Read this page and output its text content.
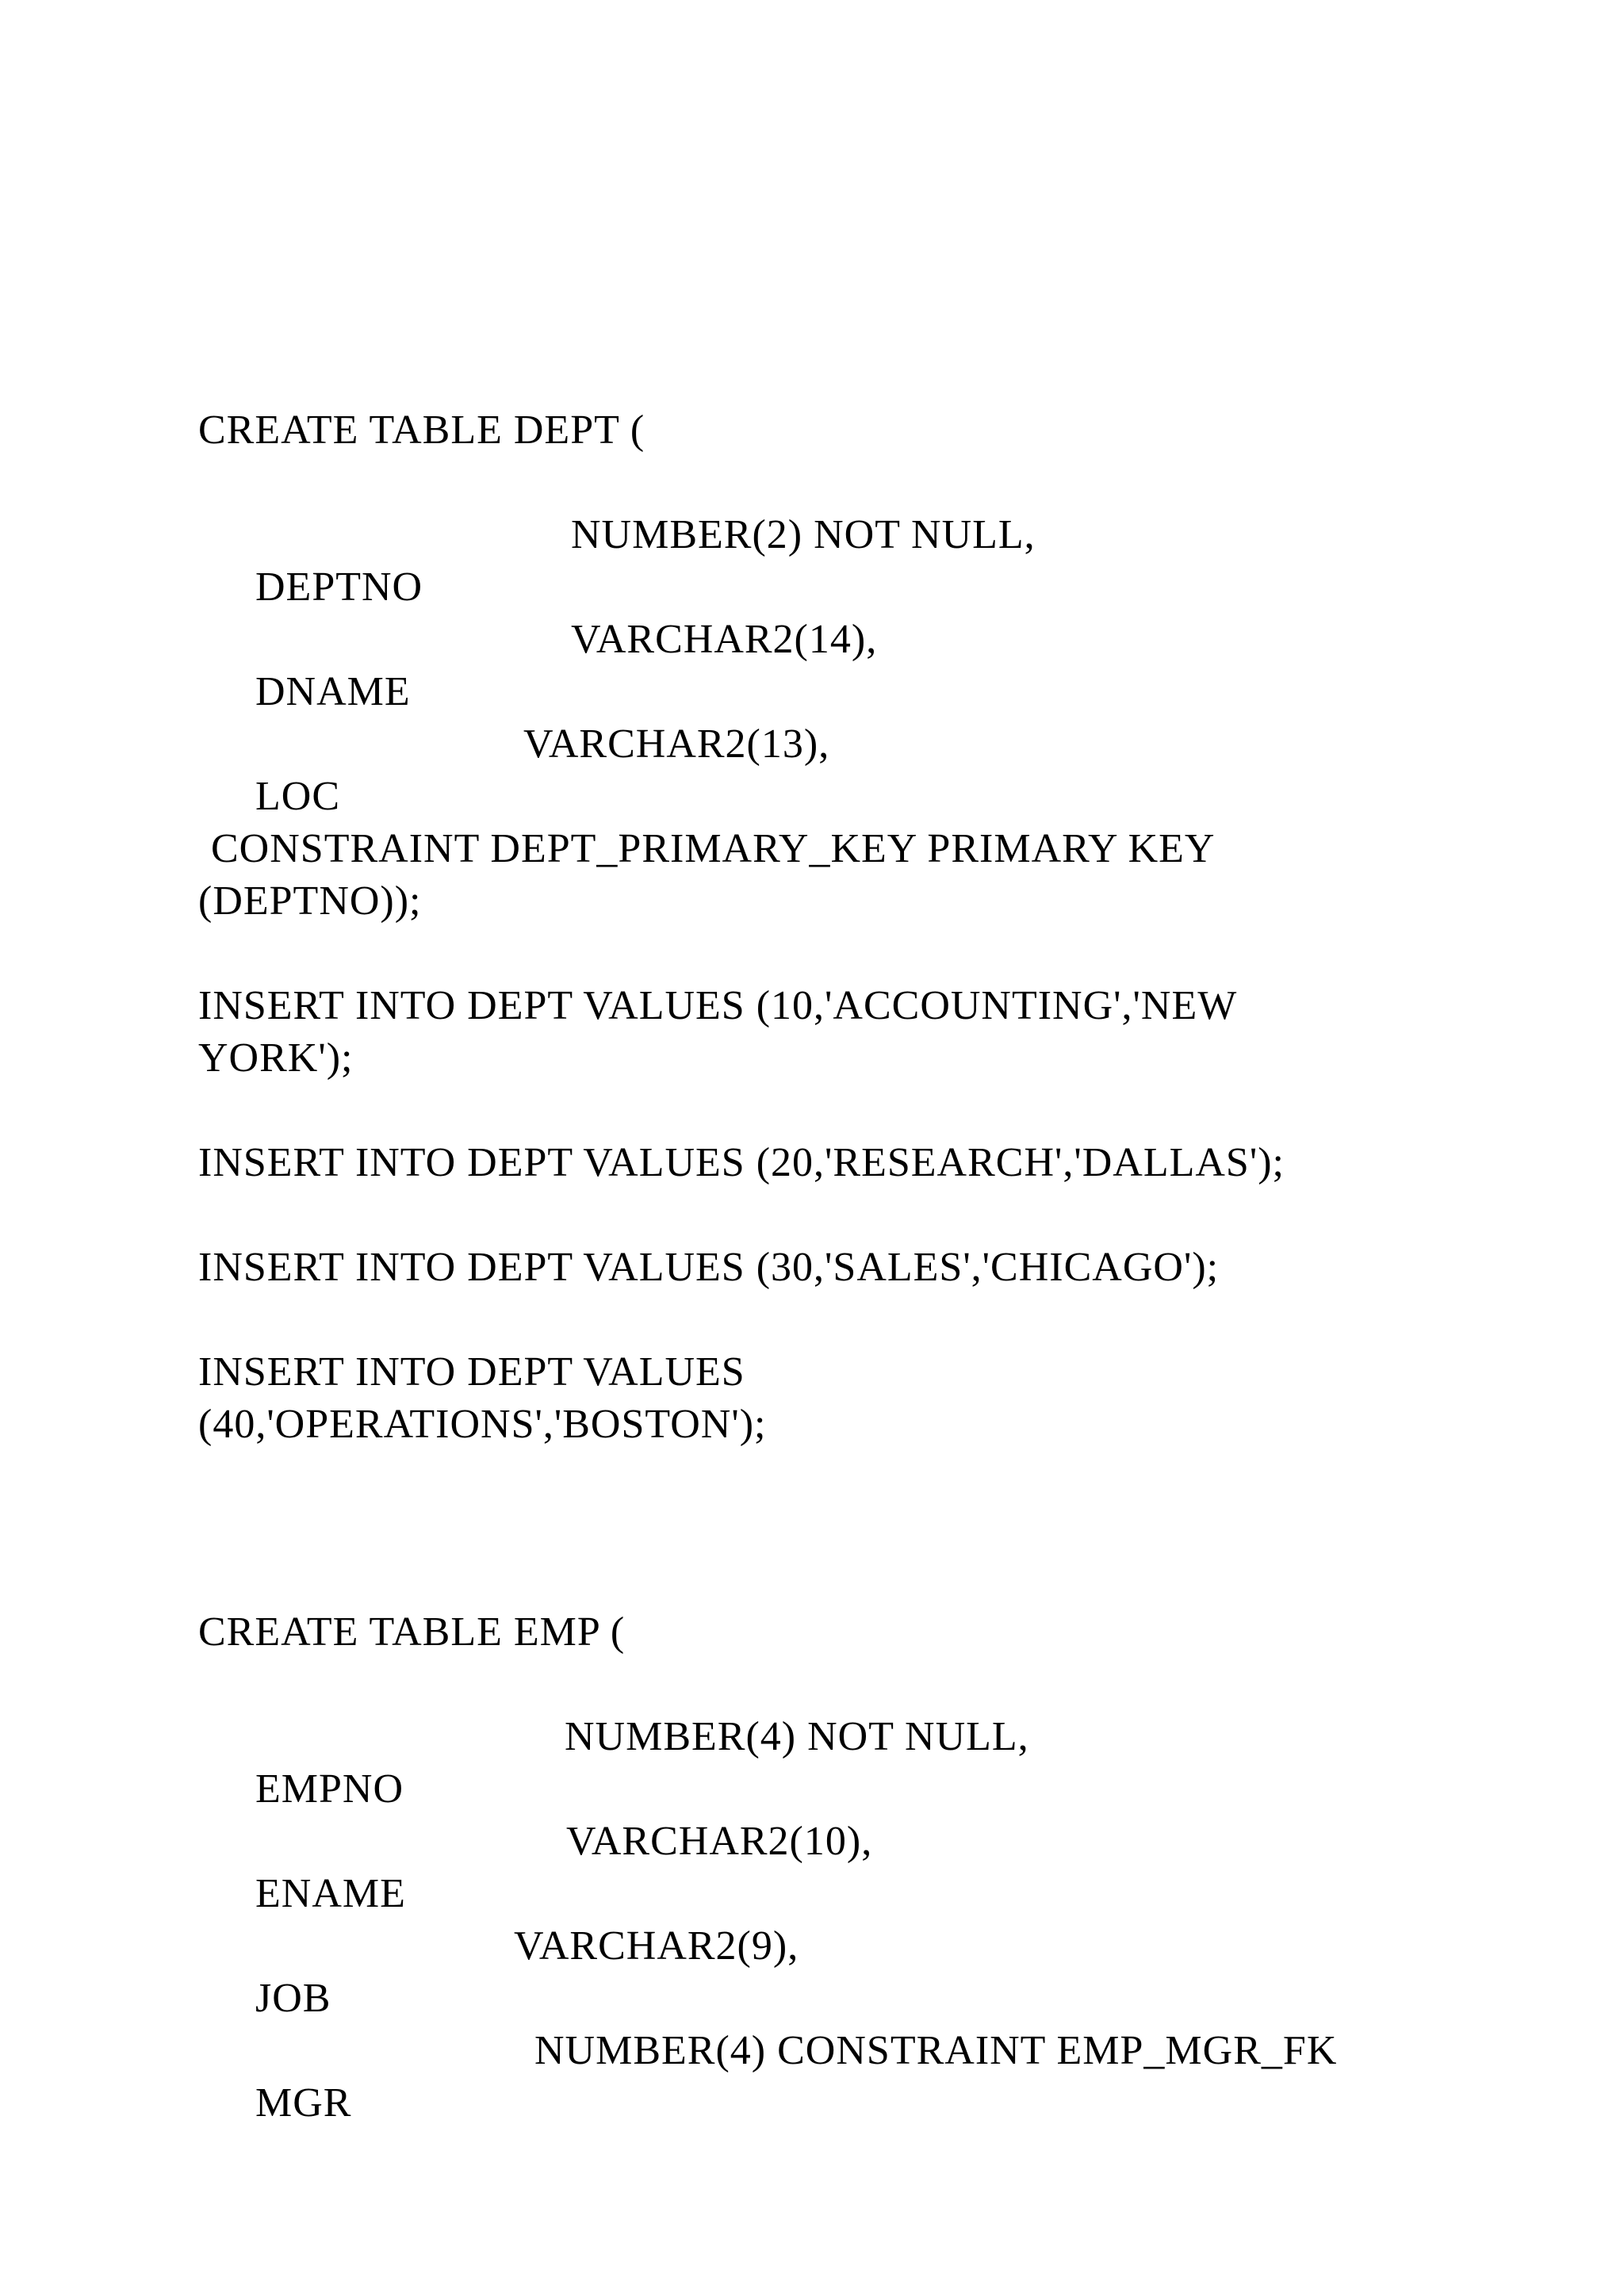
CREATE TABLE DEPT (

DEPTNO

NUMBER(2) NOT NULL,

DNAME

VARCHAR2(14),

LOC

VARCHAR2(13),

CONSTRAINT DEPT_PRIMARY_KEY PRIMARY KEY
(DEPTNO));
INSERT INTO DEPT VALUES (10,'ACCOUNTING','NEW
YORK');
INSERT INTO DEPT VALUES (20,'RESEARCH','DALLAS');
INSERT INTO DEPT VALUES (30,'SALES','CHICAGO');
INSERT INTO DEPT VALUES
(40,'OPERATIONS','BOSTON');
CREATE TABLE EMP (

EMPNO

NUMBER(4) NOT NULL,

ENAME

VARCHAR2(10),

JOB

VARCHAR2(9),

MGR

NUMBER(4) CONSTRAINT EMP_MGR_FK
